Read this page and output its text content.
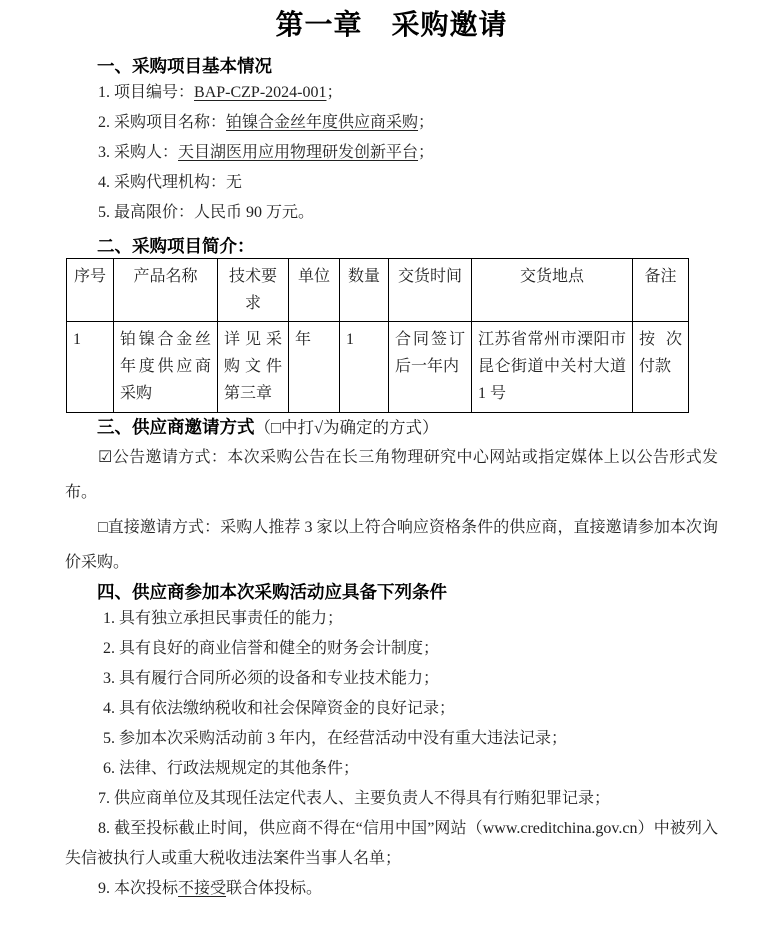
第一章　采购邀请
一、采购项目基本情况

1. 项目编号：BAP-CZP-2024-001；

2. 采购项目名称：铂镍合金丝年度供应商采购；

3. 采购人：天目湖医用应用物理研发创新平台；

4. 采购代理机构：无

5. 最高限价：人民币 90 万元。

二、采购项目简介：
序号	产品名称	技术要求	单位	数量	交货时间	交货地点	备注
1	铂镍合金丝年度供应商采购	详见采购文件第三章	年	1	合同签订后一年内	江苏省常州市溧阳市昆仑街道中关村大道1 号	按次付款
三、供应商邀请方式（□中打√为确定的方式）

☑公告邀请方式：本次采购公告在长三角物理研究中心网站或指定媒体上以公告形式发布。

□直接邀请方式：采购人推荐 3 家以上符合响应资格条件的供应商，直接邀请参加本次询价采购。

四、供应商参加本次采购活动应具备下列条件

1. 具有独立承担民事责任的能力；

2. 具有良好的商业信誉和健全的财务会计制度；

3. 具有履行合同所必须的设备和专业技术能力；

4. 具有依法缴纳税收和社会保障资金的良好记录；

5. 参加本次采购活动前 3 年内，在经营活动中没有重大违法记录；

6. 法律、行政法规规定的其他条件；

7. 供应商单位及其现任法定代表人、主要负责人不得具有行贿犯罪记录；

8. 截至投标截止时间，供应商不得在“信用中国”网站（www.creditchina.gov.cn）中被列入失信被执行人或重大税收违法案件当事人名单；

9. 本次投标不接受联合体投标。
